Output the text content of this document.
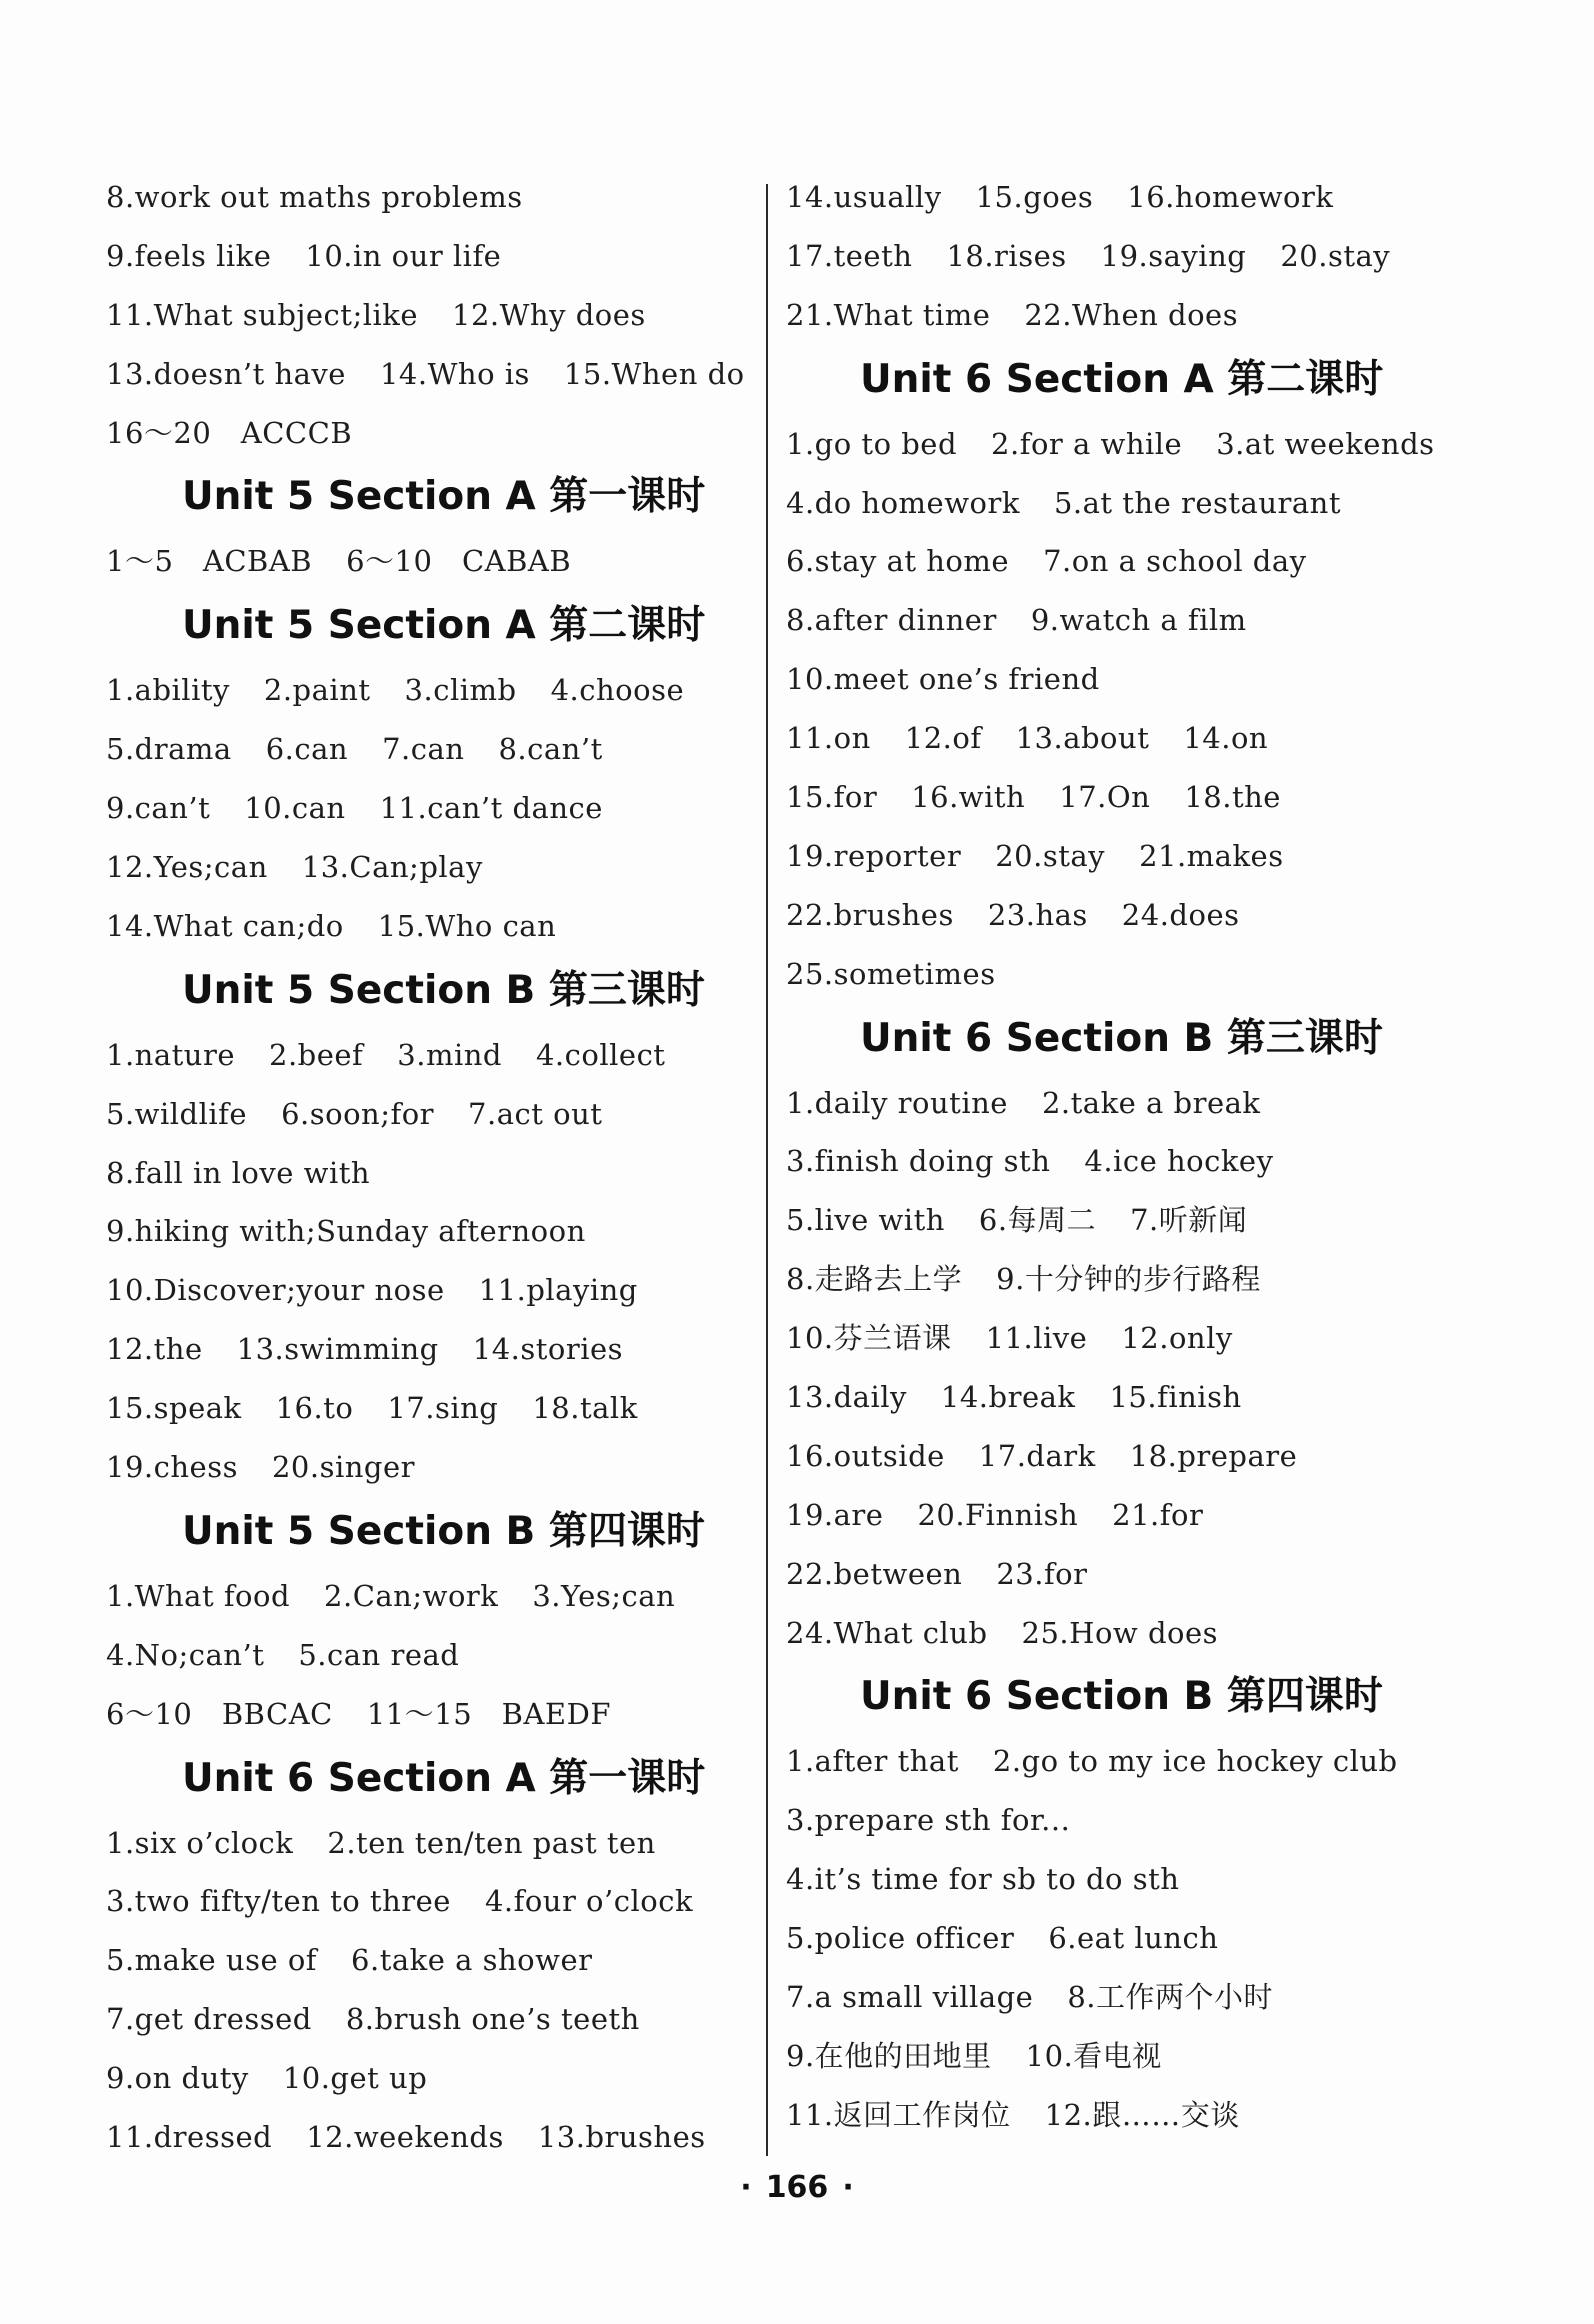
8.work out maths problems
9.feels like 10.in our life
11.What subject;like 12.Why does
13.doesn’t have 14.Who is 15.When do
16～20　ACCCB
Unit 5 Section A 第一课时
1～5　ACBAB 6～10　CABAB
Unit 5 Section A 第二课时
1.ability 2.paint 3.climb 4.choose
5.drama 6.can 7.can 8.can’t
9.can’t 10.can 11.can’t dance
12.Yes;can 13.Can;play
14.What can;do 15.Who can
Unit 5 Section B 第三课时
1.nature 2.beef 3.mind 4.collect
5.wildlife 6.soon;for 7.act out
8.fall in love with
9.hiking with;Sunday afternoon
10.Discover;your nose 11.playing
12.the 13.swimming 14.stories
15.speak 16.to 17.sing 18.talk
19.chess 20.singer
Unit 5 Section B 第四课时
1.What food 2.Can;work 3.Yes;can
4.No;can’t 5.can read
6～10　BBCAC 11～15　BAEDF
Unit 6 Section A 第一课时
1.six o’clock 2.ten ten/ten past ten
3.two fifty/ten to three 4.four o’clock
5.make use of 6.take a shower
7.get dressed 8.brush one’s teeth
9.on duty 10.get up
11.dressed 12.weekends 13.brushes
14.usually 15.goes 16.homework
17.teeth 18.rises 19.saying 20.stay
21.What time 22.When does
Unit 6 Section A 第二课时
1.go to bed 2.for a while 3.at weekends
4.do homework 5.at the restaurant
6.stay at home 7.on a school day
8.after dinner 9.watch a film
10.meet one’s friend
11.on 12.of 13.about 14.on
15.for 16.with 17.On 18.the
19.reporter 20.stay 21.makes
22.brushes 23.has 24.does
25.sometimes
Unit 6 Section B 第三课时
1.daily routine 2.take a break
3.finish doing sth 4.ice hockey
5.live with 6.每周二 7.听新闻
8.走路去上学 9.十分钟的步行路程
10.芬兰语课 11.live 12.only
13.daily 14.break 15.finish
16.outside 17.dark 18.prepare
19.are 20.Finnish 21.for
22.between 23.for
24.What club 25.How does
Unit 6 Section B 第四课时
1.after that 2.go to my ice hockey club
3.prepare sth for...
4.it’s time for sb to do sth
5.police officer 6.eat lunch
7.a small village 8.工作两个小时
9.在他的田地里 10.看电视
11.返回工作岗位 12.跟……交谈
· 166 ·
